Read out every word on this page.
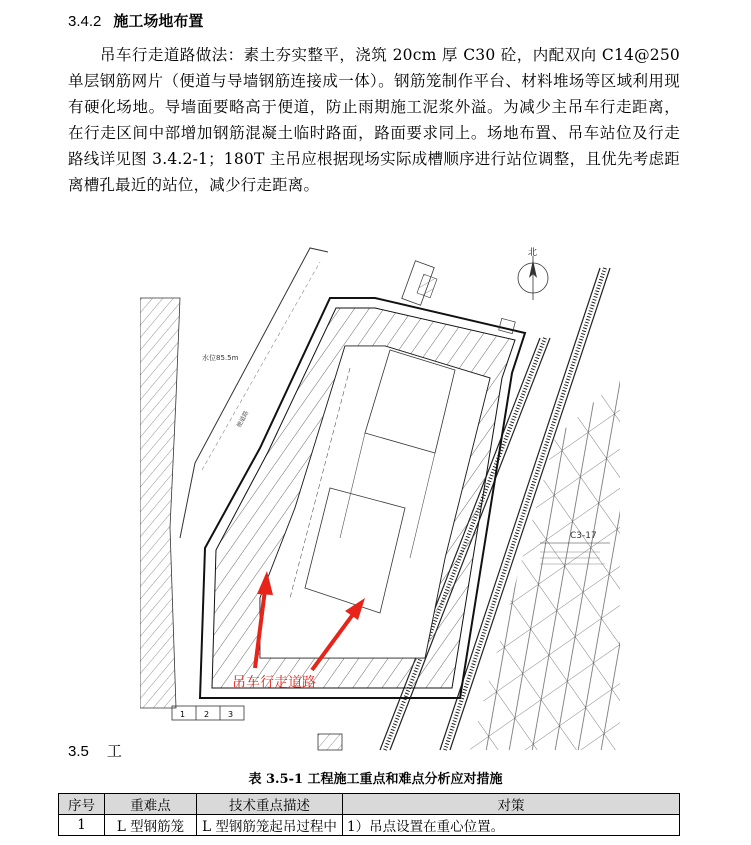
3.4.2 施工场地布置
吊车行走道路做法：素土夯实整平，浇筑 20cm 厚 C30 砼，内配双向 C14@250 单层钢筋网片（便道与导墙钢筋连接成一体）。钢筋笼制作平台、材料堆场等区域利用现有硬化场地。导墙面要略高于便道，防止雨期施工泥浆外溢。为减少主吊车行走距离，在行走区间中部增加钢筋混凝土临时路面，路面要求同上。场地布置、吊车站位及行走路线详见图 3.4.2-1；180T 主吊应根据现场实际成槽顺序进行站位调整，且优先考虑距离槽孔最近的站位，减少行走距离。
北
水位85.5m
便道路
C3-17
1 2 3
吊车行走道路
3.5 工
表 3.5-1 工程施工重点和难点分析应对措施
序号	重难点	技术重点描述	对策
1	L 型钢筋笼	L 型钢筋笼起吊过程中	1）吊点设置在重心位置。
